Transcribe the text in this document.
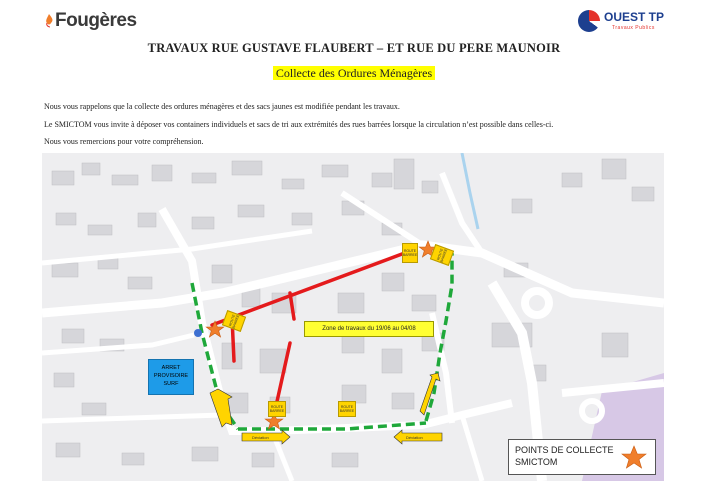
Fougères	OUEST TP
Travaux Publics
TRAVAUX RUE GUSTAVE FLAUBERT – ET RUE DU PERE MAUNOIR
Collecte des Ordures Ménagères
Nous vous rappelons que la collecte des ordures ménagères et des sacs jaunes est modifiée pendant les travaux.
Le SMICTOM vous invite à déposer vos containers individuels et sacs de tri aux extrémités des rues barrées lorsque la circulation n’est possible dans celles-ci.
Nous vous remercions pour votre compréhension.
ROUTE BARREE
ROUTE BARREE	ROUTE BARREE
ROUTE BARREE
ROUTE BARREE
Déviation	Déviation
Zone de travaux du 19/06 au 04/08
ARRET
PROVISOIRE
SURF
POINTS DE COLLECTE
SMICTOM
